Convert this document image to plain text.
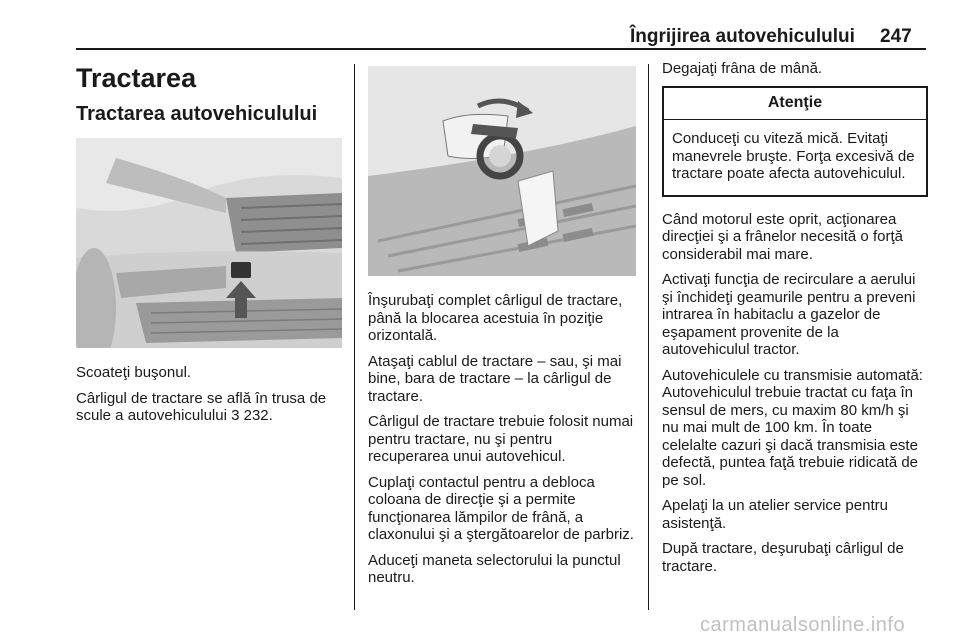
Îngrijirea autovehiculului 247
Tractarea
Tractarea autovehiculului

Scoateţi buşonul.

Cârligul de tractare se află în trusa de scule a autovehiculului 3 232.

Înşurubaţi complet cârligul de tractare, până la blocarea acestuia în poziţie orizontală.

Ataşaţi cablul de tractare – sau, şi mai bine, bara de tractare – la cârligul de tractare.

Cârligul de tractare trebuie folosit numai pentru tractare, nu şi pentru recuperarea unui autovehicul.

Cuplaţi contactul pentru a debloca coloana de direcţie şi a permite funcţionarea lămpilor de frână, a claxonului şi a ştergătoarelor de parbriz.

Aduceţi maneta selectorului la punctul neutru.

Degajaţi frâna de mână.

Atenţie
Conduceţi cu viteză mică. Evitaţi manevrele bruşte. Forţa excesivă de tractare poate afecta autovehiculul.

Când motorul este oprit, acţionarea direcţiei şi a frânelor necesită o forţă considerabil mai mare.

Activaţi funcţia de recirculare a aerului şi închideţi geamurile pentru a preveni intrarea în habitaclu a gazelor de eşapament provenite de la autovehiculul tractor.

Autovehiculele cu transmisie automată: Autovehiculul trebuie tractat cu faţa în sensul de mers, cu maxim 80 km/h şi nu mai mult de 100 km. În toate celelalte cazuri şi dacă transmisia este defectă, puntea faţă trebuie ridicată de pe sol.

Apelaţi la un atelier service pentru asistenţă.

După tractare, deşurubaţi cârligul de tractare.

carmanualsonline.info
